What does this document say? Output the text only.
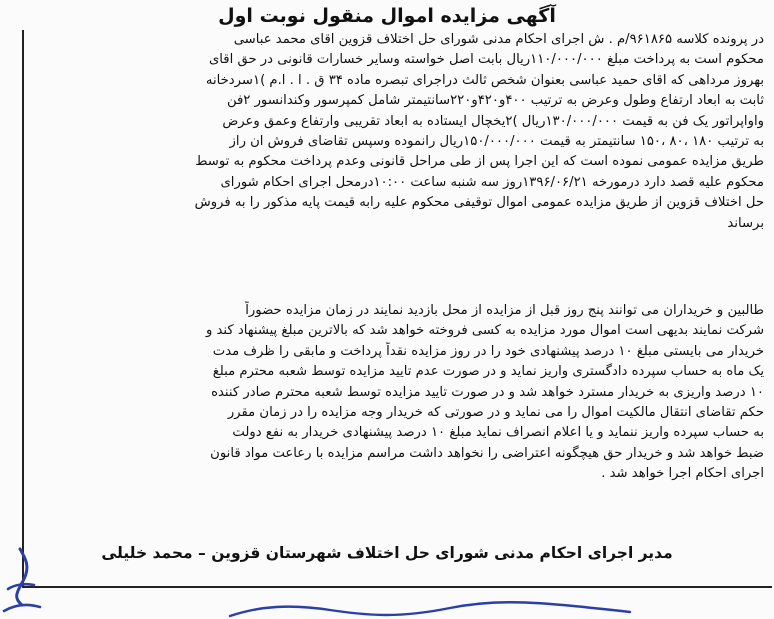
آگهی مزایده اموال منقول نوبت اول
در پرونده کلاسه ۹۶۱۸۶۵/م . ش اجرای احکام مدنی شورای حل اختلاف قزوین اقای محمد عباسی
محکوم است به پرداخت مبلغ ۱۱۰/۰۰۰/۰۰۰ریال بابت اصل خواسته وسایر خسارات قانونی در حق اقای
بهروز مرداهی که اقای حمید عباسی بعنوان شخص ثالث دراجرای تبصره ماده ۳۴ ق . ا . ا.م )۱سردخانه
ثابت به ابعاد ارتفاع وطول وعرض به ترتیب ۴۰۰و۴۲۰و۲۲۰سانتیمتر شامل کمپرسور وکندانسور ۲فن
واواپراتور یک فن به قیمت ۱۳۰/۰۰۰/۰۰۰ریال )۲یخچال ایستاده به ابعاد تقریبی وارتفاع وعمق وعرض
به ترتیب ۱۸۰ ،۸۰ ،۱۵۰ سانتیمتر به قیمت ۱۵۰/۰۰۰/۰۰۰ریال رانموده وسپس تقاضای فروش ان راز
طریق مزایده عمومی نموده است که این اجرا پس از طی مراحل قانونی وعدم پرداخت محکوم به توسط
محکوم علیه قصد دارد درمورخه ۱۳۹۶/۰۶/۲۱روز سه شنبه ساعت ۱۰:۰۰درمحل اجرای احکام شورای
حل اختلاف قزوین از طریق مزایده عمومی اموال توقیفی محکوم علیه رابه قیمت پایه مذکور را به فروش
برساند
طالبین و خریداران می توانند پنج روز قبل از مزایده از محل بازدید نمایند در زمان مزایده حضوراً
شرکت نمایند بدیهی است اموال مورد مزایده به کسی فروخته خواهد شد که بالاترین مبلغ پیشنهاد کند و
خریدار می بایستی مبلغ ۱۰ درصد پیشنهادی خود را در روز مزایده نقداً پرداخت و مابقی را ظرف مدت
یک ماه به حساب سپرده دادگستری واریز نماید و در صورت عدم تایید مزایده توسط شعبه محترم مبلغ
۱۰ درصد واریزی به خریدار مسترد خواهد شد و در صورت تایید مزایده توسط شعبه محترم صادر کننده
حکم تقاضای انتقال مالکیت اموال را می نماید و در صورتی که خریدار وجه مزایده را در زمان مقرر
به حساب سپرده واریز ننماید و یا اعلام انصراف نماید مبلغ ۱۰ درصد پیشنهادی خریدار به نفع دولت
ضبط خواهد شد و خریدار حق هیچگونه اعتراضی را نخواهد داشت مراسم مزایده با رعاعت مواد قانون
اجرای احکام اجرا خواهد شد .
مدیر اجرای احکام مدنی شورای حل اختلاف شهرستان قزوین – محمد خلیلی
